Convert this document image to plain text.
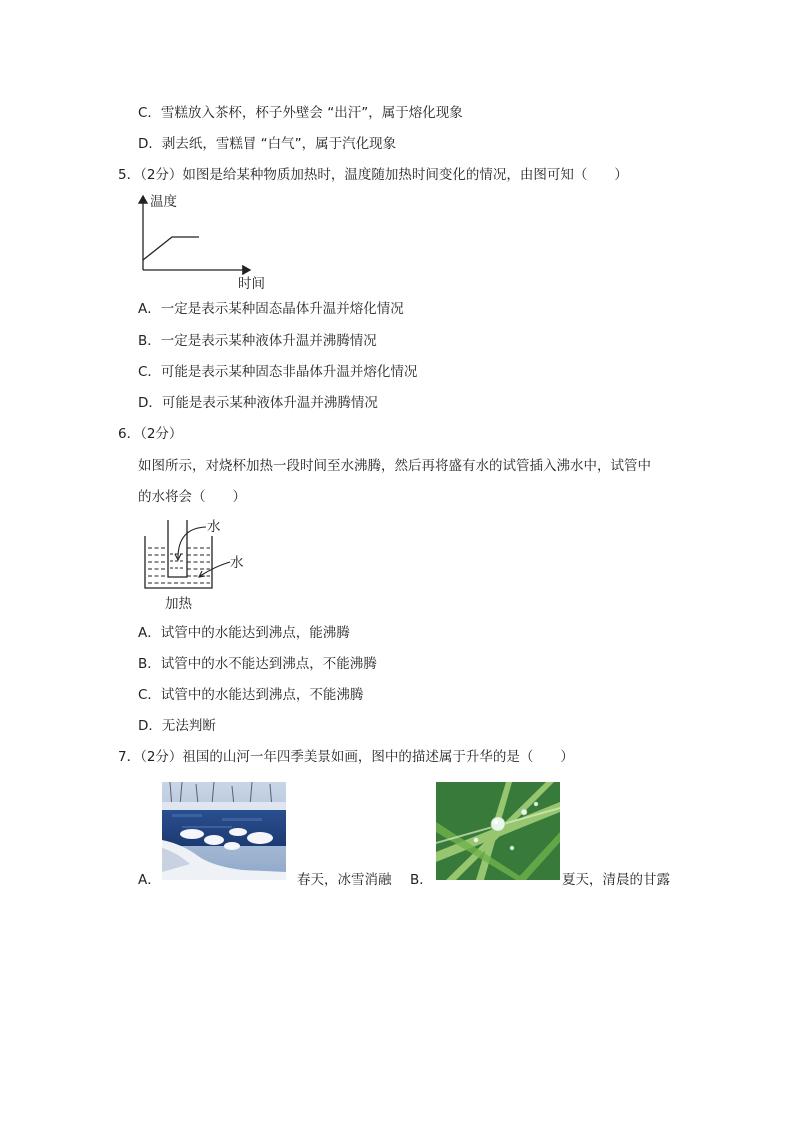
C．雪糕放入茶杯，杯子外壁会 “出汗”，属于熔化现象
D．剥去纸，雪糕冒 “白气”，属于汽化现象
5．（2分）如图是给某种物质加热时，温度随加热时间变化的情况，由图可知（　　）
温度
时间
A．一定是表示某种固态晶体升温并熔化情况
B．一定是表示某种液体升温并沸腾情况
C．可能是表示某种固态非晶体升温并熔化情况
D．可能是表示某种液体升温并沸腾情况
6．（2分）
如图所示，对烧杯加热一段时间至水沸腾，然后再将盛有水的试管插入沸水中，试管中
的水将会（　　）
水
水
加热
A．试管中的水能达到沸点，能沸腾
B．试管中的水不能达到沸点，不能沸腾
C．试管中的水能达到沸点，不能沸腾
D．无法判断
7．（2分）祖国的山河一年四季美景如画，图中的描述属于升华的是（　　）
A．	春天，冰雪消融 B．	夏天，清晨的甘露
